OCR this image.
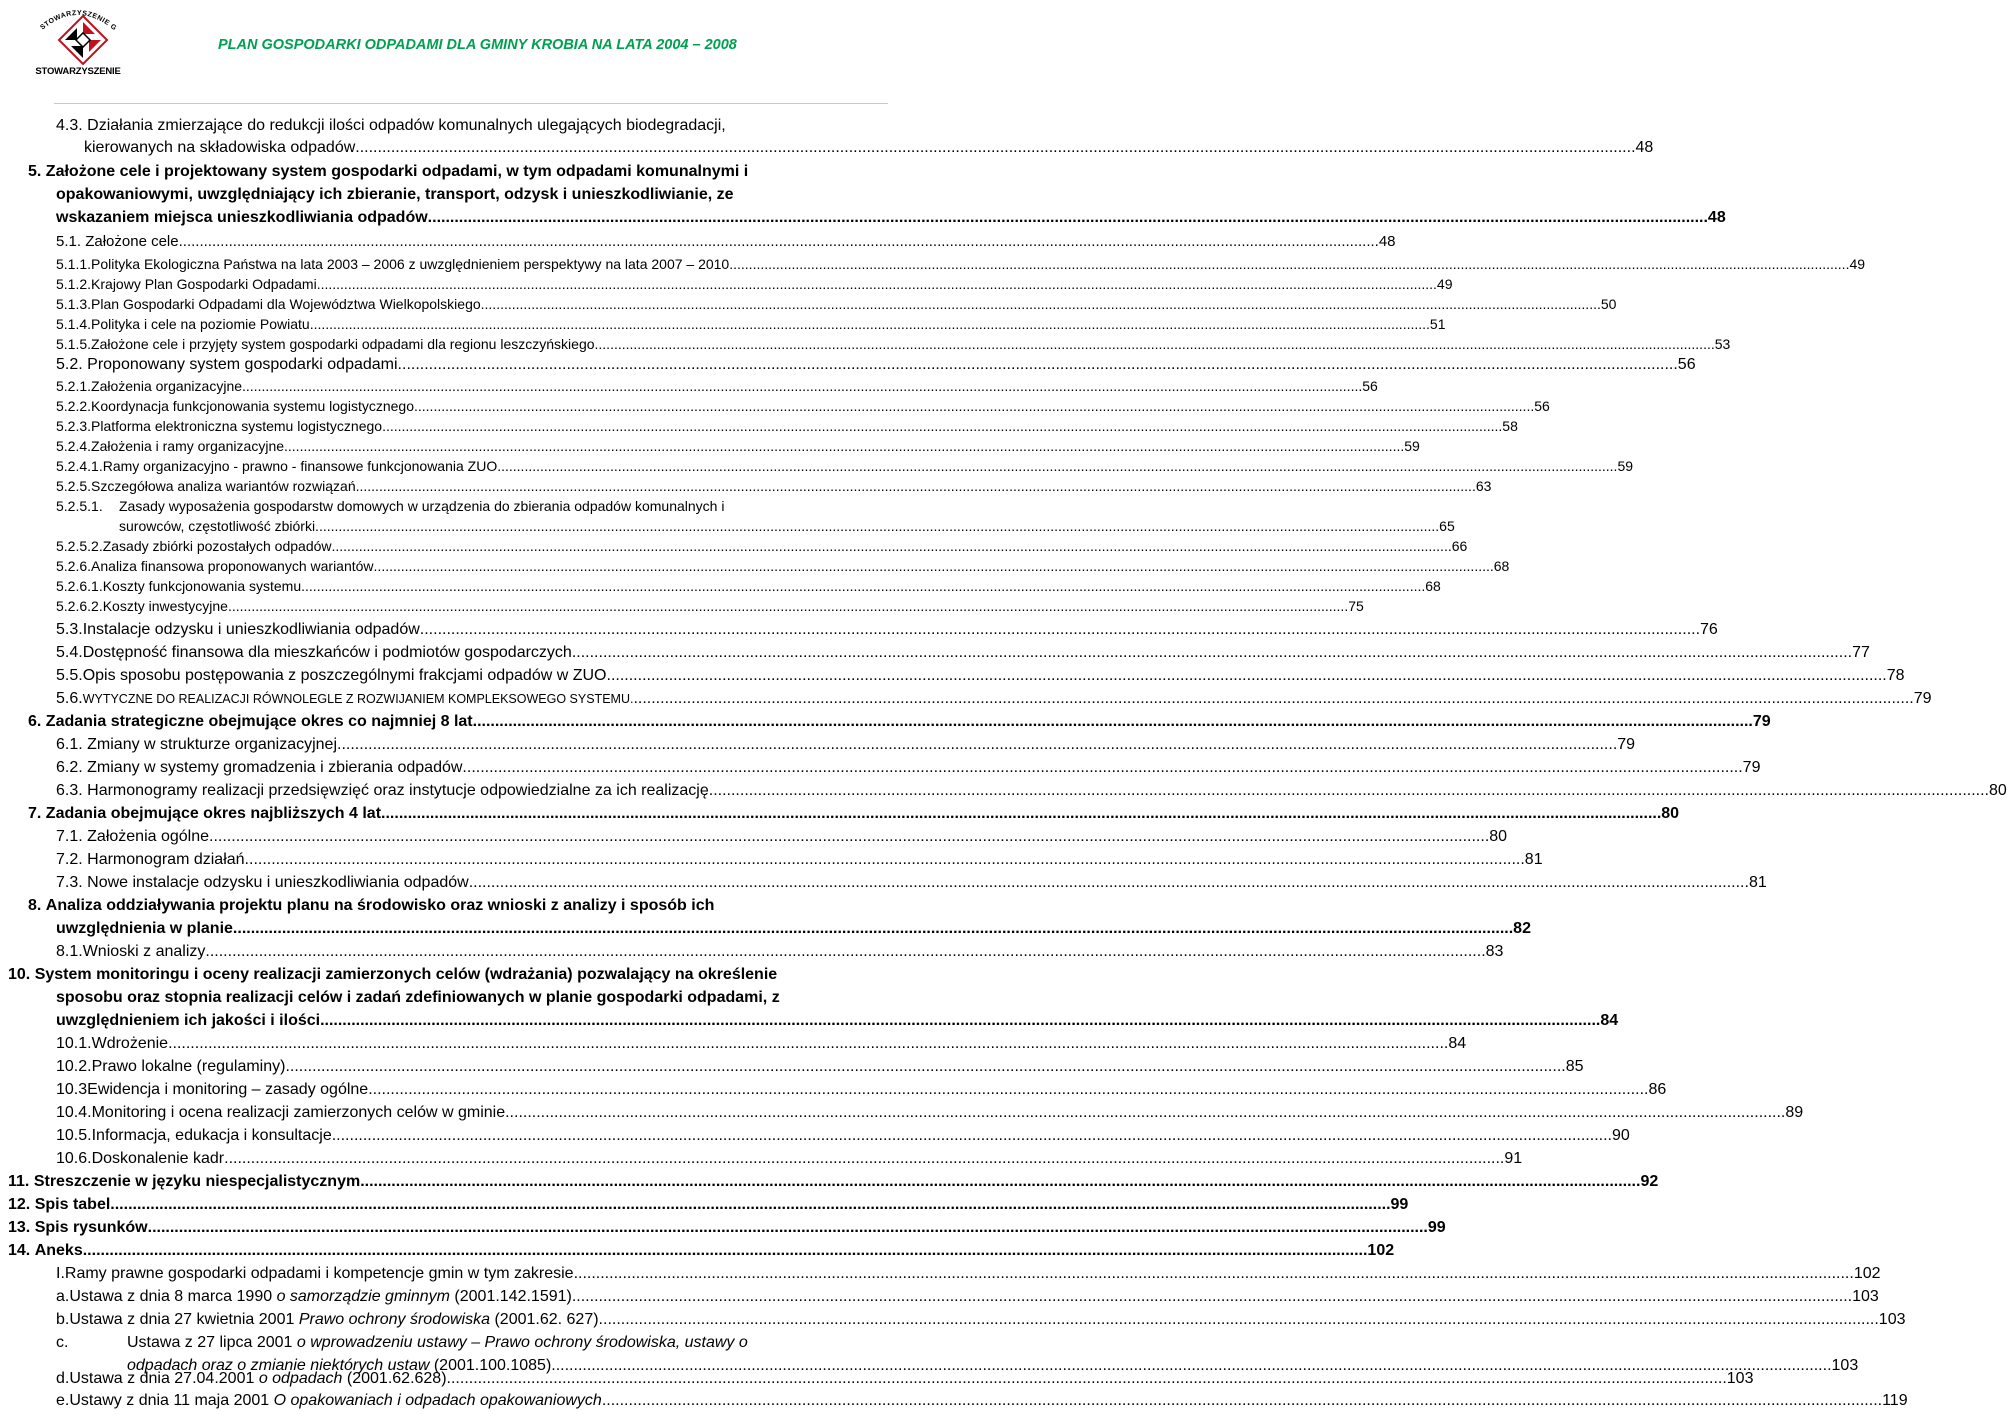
STOWARZYSZENIE G
STOWARZYSZENIE
PLAN GOSPODARKI ODPADAMI DLA GMINY KROBIA NA LATA 2004 – 2008
4.3. Działania zmierzające do redukcji ilości odpadów komunalnych ulegających biodegradacji,
kierowanych na składowiska odpadów .....	48
5. Założone cele i projektowany system gospodarki odpadami, w tym odpadami komunalnymi i
opakowaniowymi, uwzględniający ich zbieranie, transport, odzysk i unieszkodliwianie, ze
wskazaniem miejsca unieszkodliwiania odpadów .....	48
5.1.
Założone cele .....	48
5.1.1. Polityka Ekologiczna Państwa na lata 2003 – 2006 z uwzględnieniem perspektywy na lata 2007 – 2010 .....	49
5.1.2. Krajowy Plan Gospodarki Odpadami .....	49
5.1.3. Plan Gospodarki Odpadami dla Województwa Wielkopolskiego .....	50
5.1.4. Polityka i cele na poziomie Powiatu .....	51
5.1.5. Założone cele i przyjęty system gospodarki odpadami dla regionu leszczyńskiego .....	53
5.2.
Proponowany system gospodarki odpadami .....	56
5.2.1. Założenia organizacyjne .....	56
5.2.2. Koordynacja funkcjonowania systemu logistycznego .....	56
5.2.3. Platforma elektroniczna systemu logistycznego .....	58
5.2.4. Założenia i ramy organizacyjne .....	59
5.2.4.1. Ramy organizacyjno - prawno - finansowe funkcjonowania ZUO .....	59
5.2.5. Szczegółowa analiza wariantów rozwiązań .....	63
5.2.5.1. Zasady wyposażenia gospodarstw domowych w urządzenia do zbierania odpadów komunalnych i
surowców, częstotliwość zbiórki. .....	65
5.2.5.2. Zasady zbiórki pozostałych odpadów .....	66
5.2.6. Analiza finansowa proponowanych wariantów .....	68
5.2.6.1. Koszty funkcjonowania systemu. .....	68
5.2.6.2. Koszty inwestycyjne .....	75
5.3. Instalacje odzysku i unieszkodliwiania odpadów .....	76
5.4. Dostępność finansowa dla mieszkańców i podmiotów gospodarczych .....	77
5.5. Opis sposobu postępowania z poszczególnymi frakcjami odpadów w ZUO .....	78
5.6. WYTYCZNE DO REALIZACJI RÓWNOLEGLE Z ROZWIJANIEM KOMPLEKSOWEGO SYSTEMU. .....	79
6.
Zadania strategiczne obejmujące okres co najmniej 8 lat .....	79
6.1.
Zmiany w strukturze organizacyjnej .....	79
6.2.
Zmiany w systemy gromadzenia i zbierania odpadów .....	79
6.3.
Harmonogramy realizacji przedsięwzięć oraz instytucje odpowiedzialne za ich realizację .....	80
7.
Zadania obejmujące okres najbliższych 4 lat .....	80
7.1.
Założenia ogólne .....	80
7.2.
Harmonogram działań .....	81
7.3.
Nowe instalacje odzysku i unieszkodliwiania odpadów .....	81
8. Analiza oddziaływania projektu planu na środowisko oraz wnioski z analizy i sposób ich
uwzględnienia w planie .....	82
8.1. Wnioski z analizy .....	83
10. System monitoringu i oceny realizacji zamierzonych celów (wdrażania) pozwalający na określenie
sposobu oraz stopnia realizacji celów i zadań zdefiniowanych w planie gospodarki odpadami, z
uwzględnieniem ich jakości i ilości .....	84
10.1. Wdrożenie .....	84
10.2. Prawo lokalne (regulaminy) .....	85
10.3 Ewidencja i monitoring – zasady ogólne .....	86
10.4. Monitoring i ocena realizacji zamierzonych celów w gminie .....	89
10.5. Informacja, edukacja i konsultacje .....	90
10.6. Doskonalenie kadr .....	91
11.
Streszczenie w języku niespecjalistycznym .....	92
12.
Spis tabel .....	99
13.
Spis rysunków .....	99
14.
Aneks. .....	102
I. Ramy prawne gospodarki odpadami i kompetencje gmin w tym zakresie .....	102
a. Ustawa z dnia 8 marca 1990 o samorządzie gminnym (2001.142.1591) .....	103
b. Ustawa z dnia 27 kwietnia 2001 Prawo ochrony środowiska (2001.62. 627) .....	103
c.	Ustawa z 27 lipca 2001 o wprowadzeniu ustawy – Prawo ochrony środowiska, ustawy o
odpadach oraz o zmianie niektórych ustaw (2001.100.1085) .....	103
d. Ustawa z dnia 27.04.2001 o odpadach (2001.62.628) .....	103
e. Ustawy z dnia 11 maja 2001 O opakowaniach i odpadach opakowaniowych .....	119
